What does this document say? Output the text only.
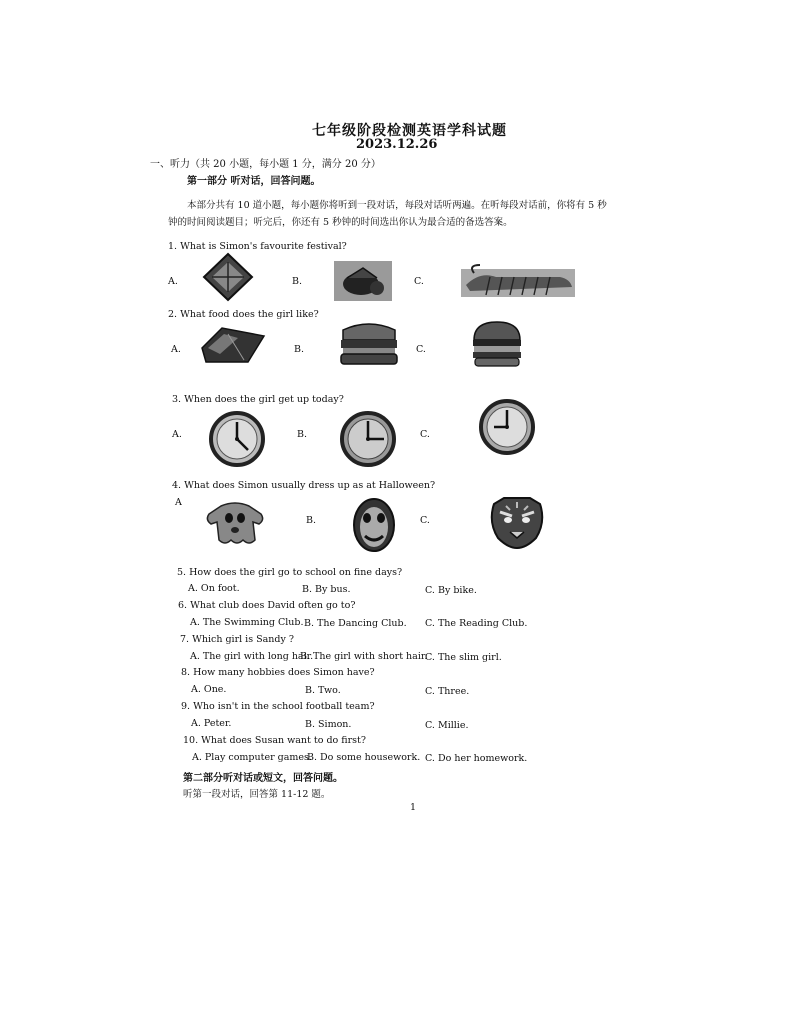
七年级阶段检测英语学科试题
2023.12.26
一、听力（共 20 小题，每小题 1 分，满分 20 分）
第一部分 听对话，回答问题。
本部分共有 10 道小题，每小题你将听到一段对话，每段对话听两遍。在听每段对话前，你将有 5 秒
钟的时间阅读题目；听完后，你还有 5 秒钟的时间选出你认为最合适的备选答案。
1. What is Simon's favourite festival?
A.	B.	C.
2. What food does the girl like?
A.	B.	C.
3. When does the girl get up today?
A.	B.	C.
4. What does Simon usually dress up as at Halloween?
A
B.	C.
5. How does the girl go to school on fine days?
A. On foot.	B. By bus.	C. By bike.
6. What club does David often go to?
A. The Swimming Club. B. The Dancing Club. C. The Reading Club.
7. Which girl is Sandy ?
A. The girl with long hair.
B. The girl with short hair.
C. The slim girl.
8. How many hobbies does Simon have?
A. One.	B. Two.	C. Three.
9. Who isn't in the school football team?
A. Peter.	B. Simon.	C. Millie.
10. What does Susan want to do first?
A. Play computer games.
B. Do some housework. C. Do her homework.
第二部分听对话或短文，回答问题。
听第一段对话，回答第 11-12 题。
1
